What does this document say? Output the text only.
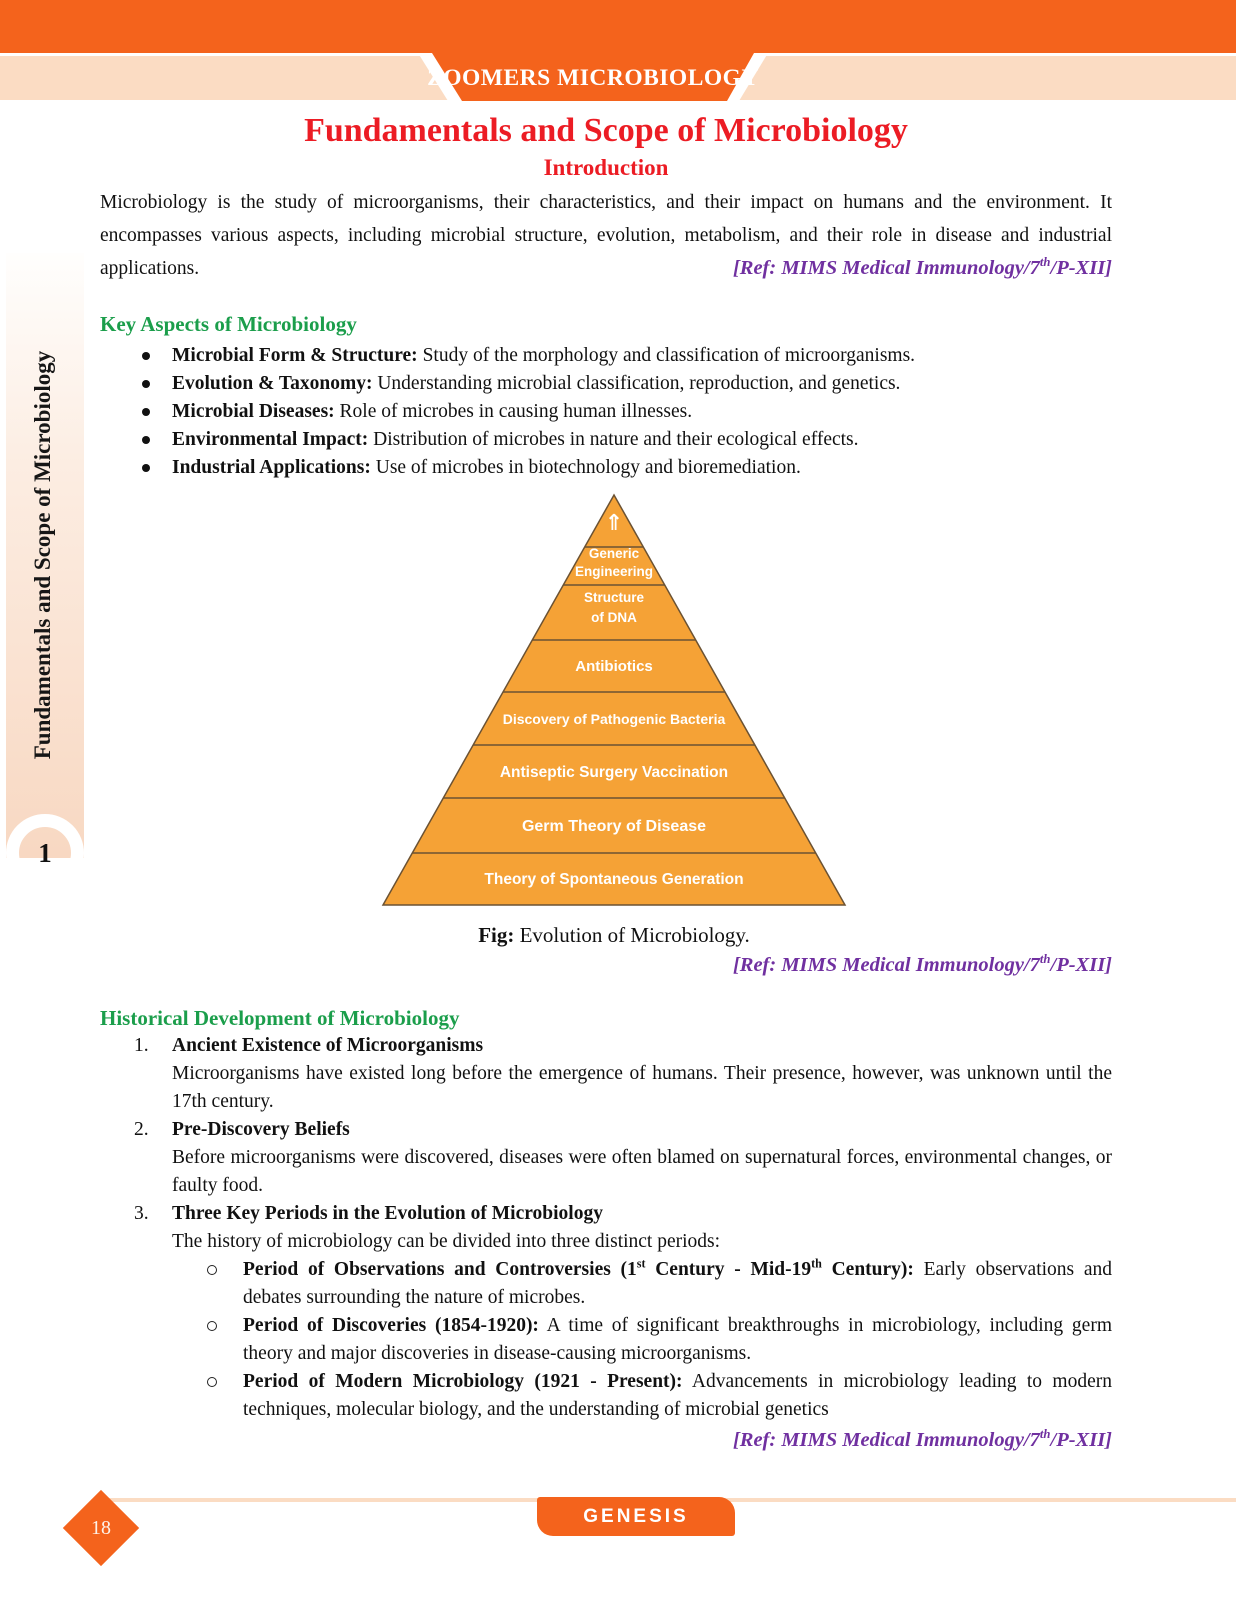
ZOOMERS MICROBIOLOGY
Fundamentals and Scope of Microbiology
1
Fundamentals and Scope of Microbiology
Introduction

Microbiology is the study of microorganisms, their characteristics, and their impact on humans and the environment. It encompasses various aspects, including microbial structure, evolution, metabolism, and their role in disease and industrial applications.	[Ref: MIMS Medical Immunology/7th/P-XII]
Key Aspects of Microbiology
Microbial Form & Structure: Study of the morphology and classification of microorganisms.
Evolution & Taxonomy: Understanding microbial classification, reproduction, and genetics.
Microbial Diseases: Role of microbes in causing human illnesses.
Environmental Impact: Distribution of microbes in nature and their ecological effects.
Industrial Applications: Use of microbes in biotechnology and bioremediation.
⇑
Generic Engineering
Structure of DNA
Antibiotics
Discovery of Pathogenic Bacteria
Antiseptic Surgery Vaccination
Germ Theory of Disease
Theory of Spontaneous Generation
Fig: Evolution of Microbiology.
[Ref: MIMS Medical Immunology/7th/P-XII]
Historical Development of Microbiology
1.	Ancient Existence of Microorganisms

Microorganisms have existed long before the emergence of humans. Their presence, however, was unknown until the 17th century.

2.	Pre-Discovery Beliefs

Before microorganisms were discovered, diseases were often blamed on supernatural forces, environmental changes, or faulty food.

3.	Three Key Periods in the Evolution of Microbiology

The history of microbiology can be divided into three distinct periods:

Period of Observations and Controversies (1st Century - Mid-19th Century): Early observations and debates surrounding the nature of microbes.
Period of Discoveries (1854-1920): A time of significant breakthroughs in microbiology, including germ theory and major discoveries in disease-causing microorganisms.
Period of Modern Microbiology (1921 - Present): Advancements in microbiology leading to modern techniques, molecular biology, and the understanding of microbial genetics
[Ref: MIMS Medical Immunology/7th/P-XII]
18
GENESIS
